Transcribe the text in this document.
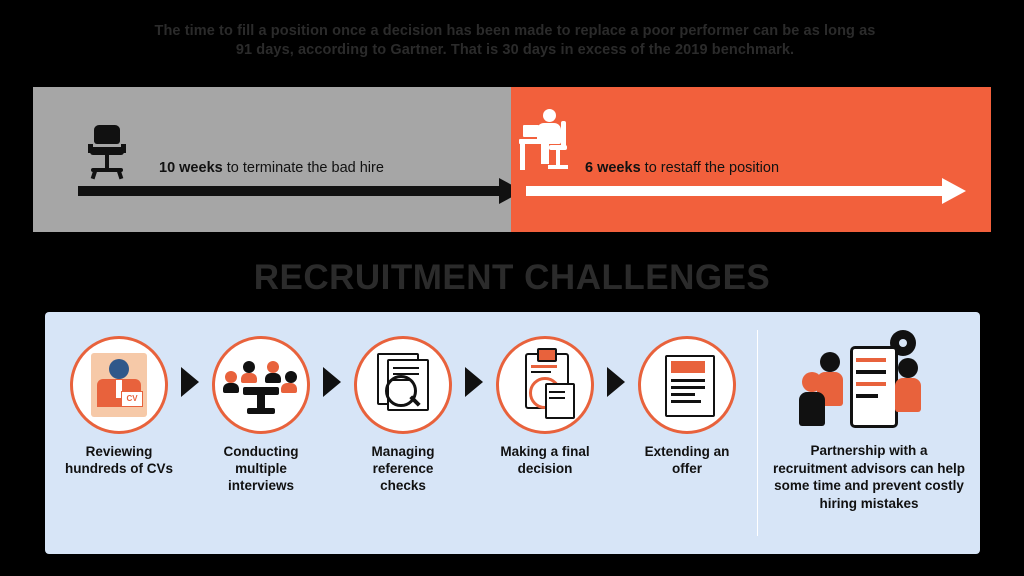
The time to fill a position once a decision has been made to replace a poor performer can be as long as 91 days, according to Gartner. That is 30 days in excess of the 2019 benchmark.
10 weeks to terminate the bad hire	6 weeks to restaff the position
RECRUITMENT CHALLENGES
CV
Reviewing hundreds of CVs
Conducting multiple interviews
Managing reference checks
Making a final decision
Extending an offer
Partnership with a recruitment advisors can help some time and prevent costly hiring mistakes
